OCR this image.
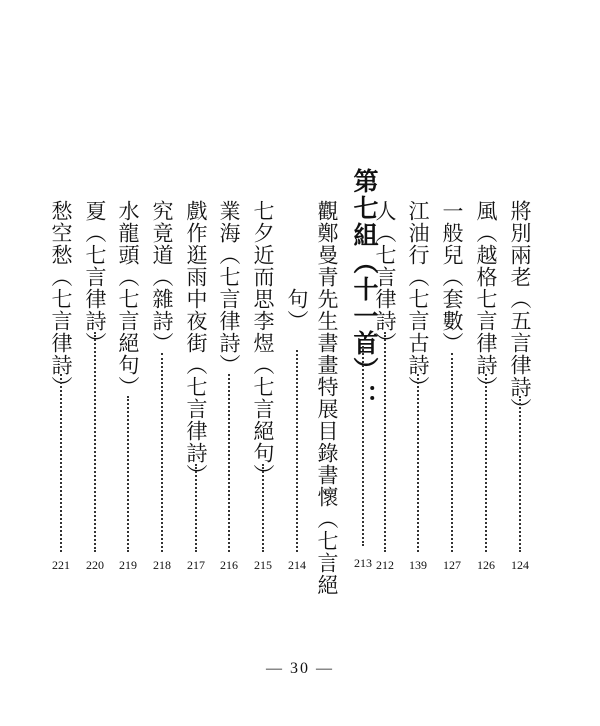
將別兩老（五言律詩）
124
風（越格七言律詩）
126
一般兒（套數）
127
江油行（七言古詩）
139
人（七言律詩）
212
第七組（十一首）：
213
觀鄭曼青先生書畫特展目錄書懷（七言絕
句）
214
七夕近而思李煜（七言絕句）
215
業海（七言律詩）
216
戲作逛雨中夜街（七言律詩）
217
究竟道（雜詩）
218
水龍頭（七言絕句）
219
夏（七言律詩）
220
愁空愁（七言律詩）
221
— 30 —
